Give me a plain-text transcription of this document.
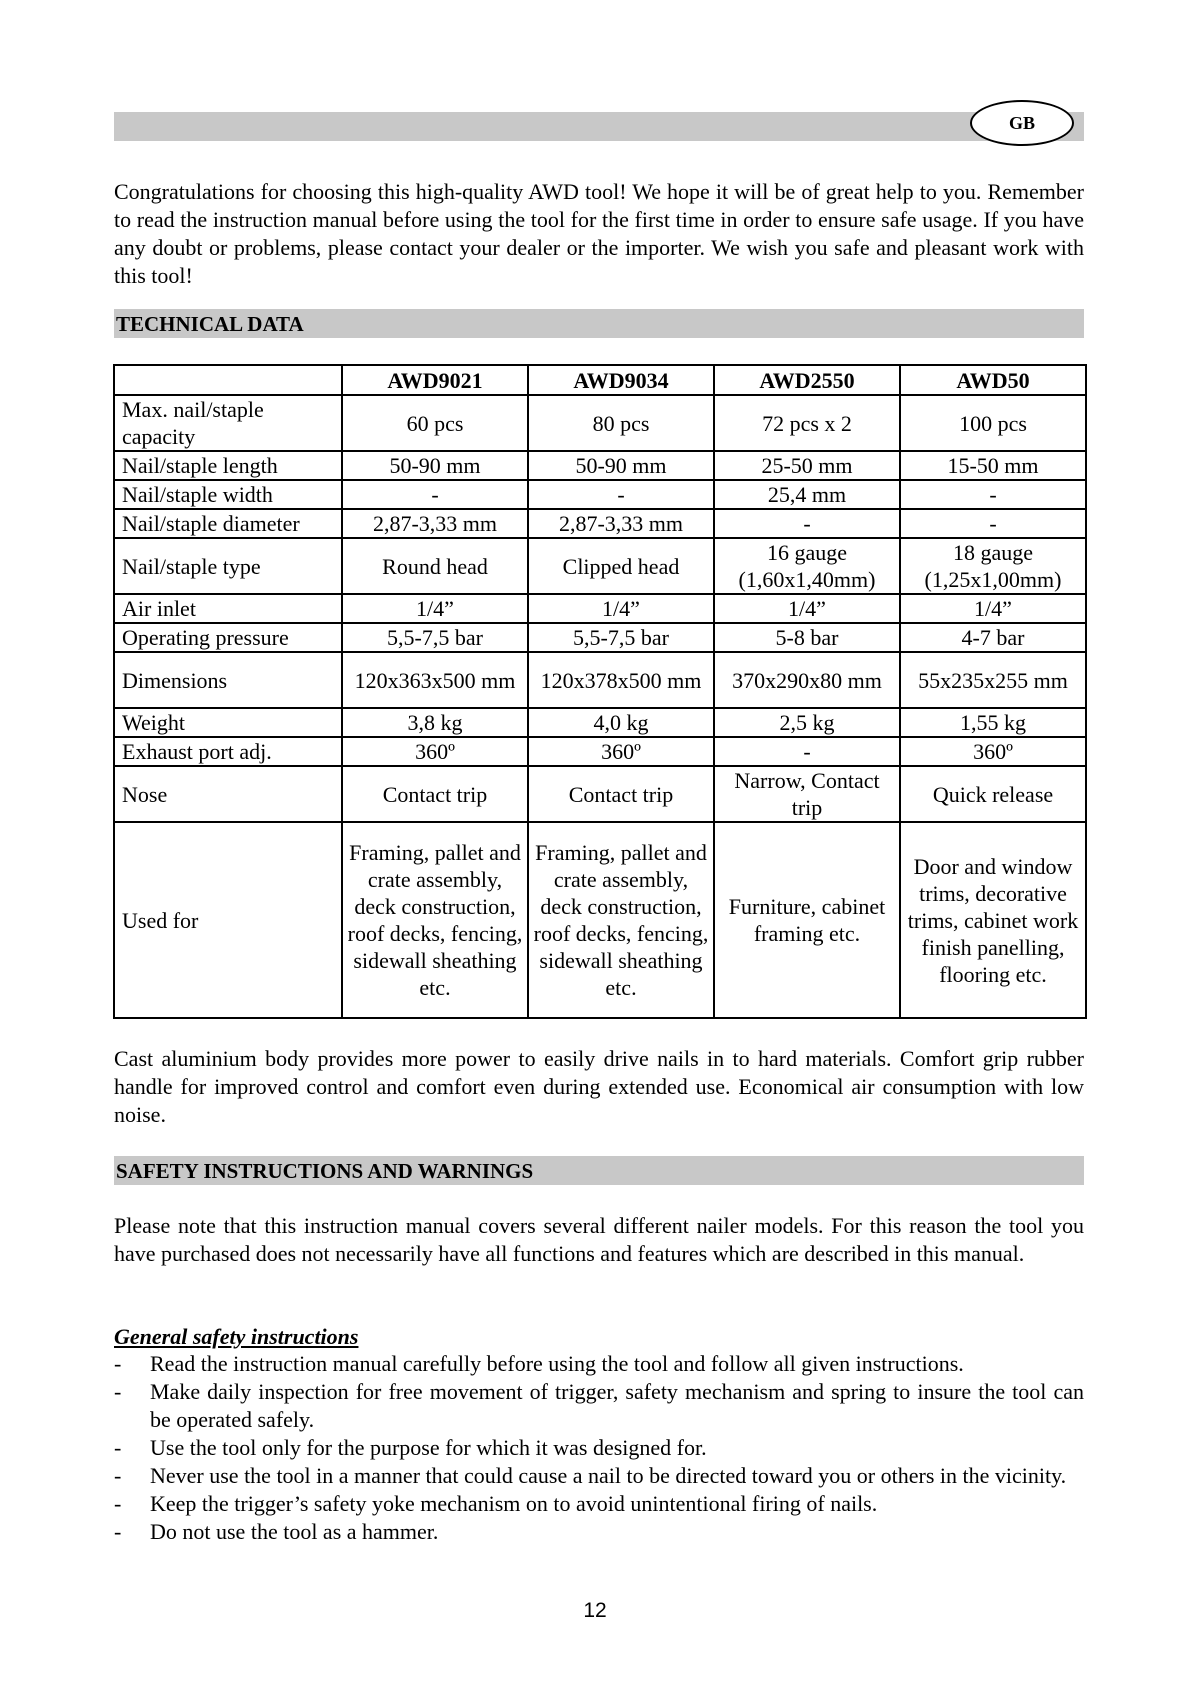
GB

Congratulations for choosing this high-quality AWD tool! We hope it will be of great help to you. Remember to read the instruction manual before using the tool for the first time in order to ensure safe usage. If you have any doubt or problems, please contact your dealer or the importer. We wish you safe and pleasant work with this tool!

TECHNICAL DATA
	AWD9021	AWD9034	AWD2550	AWD50
Max. nail/staple capacity	60 pcs	80 pcs	72 pcs x 2	100 pcs
Nail/staple length	50-90 mm	50-90 mm	25-50 mm	15-50 mm
Nail/staple width	-	-	25,4 mm	-
Nail/staple diameter	2,87-3,33 mm	2,87-3,33 mm	-	-
Nail/staple type	Round head	Clipped head	16 gauge (1,60x1,40mm)	18 gauge (1,25x1,00mm)
Air inlet	1/4”	1/4”	1/4”	1/4”
Operating pressure	5,5-7,5 bar	5,5-7,5 bar	5-8 bar	4-7 bar
Dimensions	120x363x500 mm	120x378x500 mm	370x290x80 mm	55x235x255 mm
Weight	3,8 kg	4,0 kg	2,5 kg	1,55 kg
Exhaust port adj.	360º	360º	-	360º
Nose	Contact trip	Contact trip	Narrow, Contact trip	Quick release
Used for	Framing, pallet and crate assembly, deck construction, roof decks, fencing, sidewall sheathing etc.	Framing, pallet and crate assembly, deck construction, roof decks, fencing, sidewall sheathing etc.	Furniture, cabinet framing etc.	Door and window trims, decorative trims, cabinet work finish panelling, flooring etc.

Cast aluminium body provides more power to easily drive nails in to hard materials. Comfort grip rubber handle for improved control and comfort even during extended use. Economical air consumption with low noise.

SAFETY INSTRUCTIONS AND WARNINGS

Please note that this instruction manual covers several different nailer models. For this reason the tool you have purchased does not necessarily have all functions and features which are described in this manual.

General safety instructions
- Read the instruction manual carefully before using the tool and follow all given instructions.
- Make daily inspection for free movement of trigger, safety mechanism and spring to insure the tool can be operated safely.
- Use the tool only for the purpose for which it was designed for.
- Never use the tool in a manner that could cause a nail to be directed toward you or others in the vicinity.
- Keep the trigger’s safety yoke mechanism on to avoid unintentional firing of nails.
- Do not use the tool as a hammer.
12
